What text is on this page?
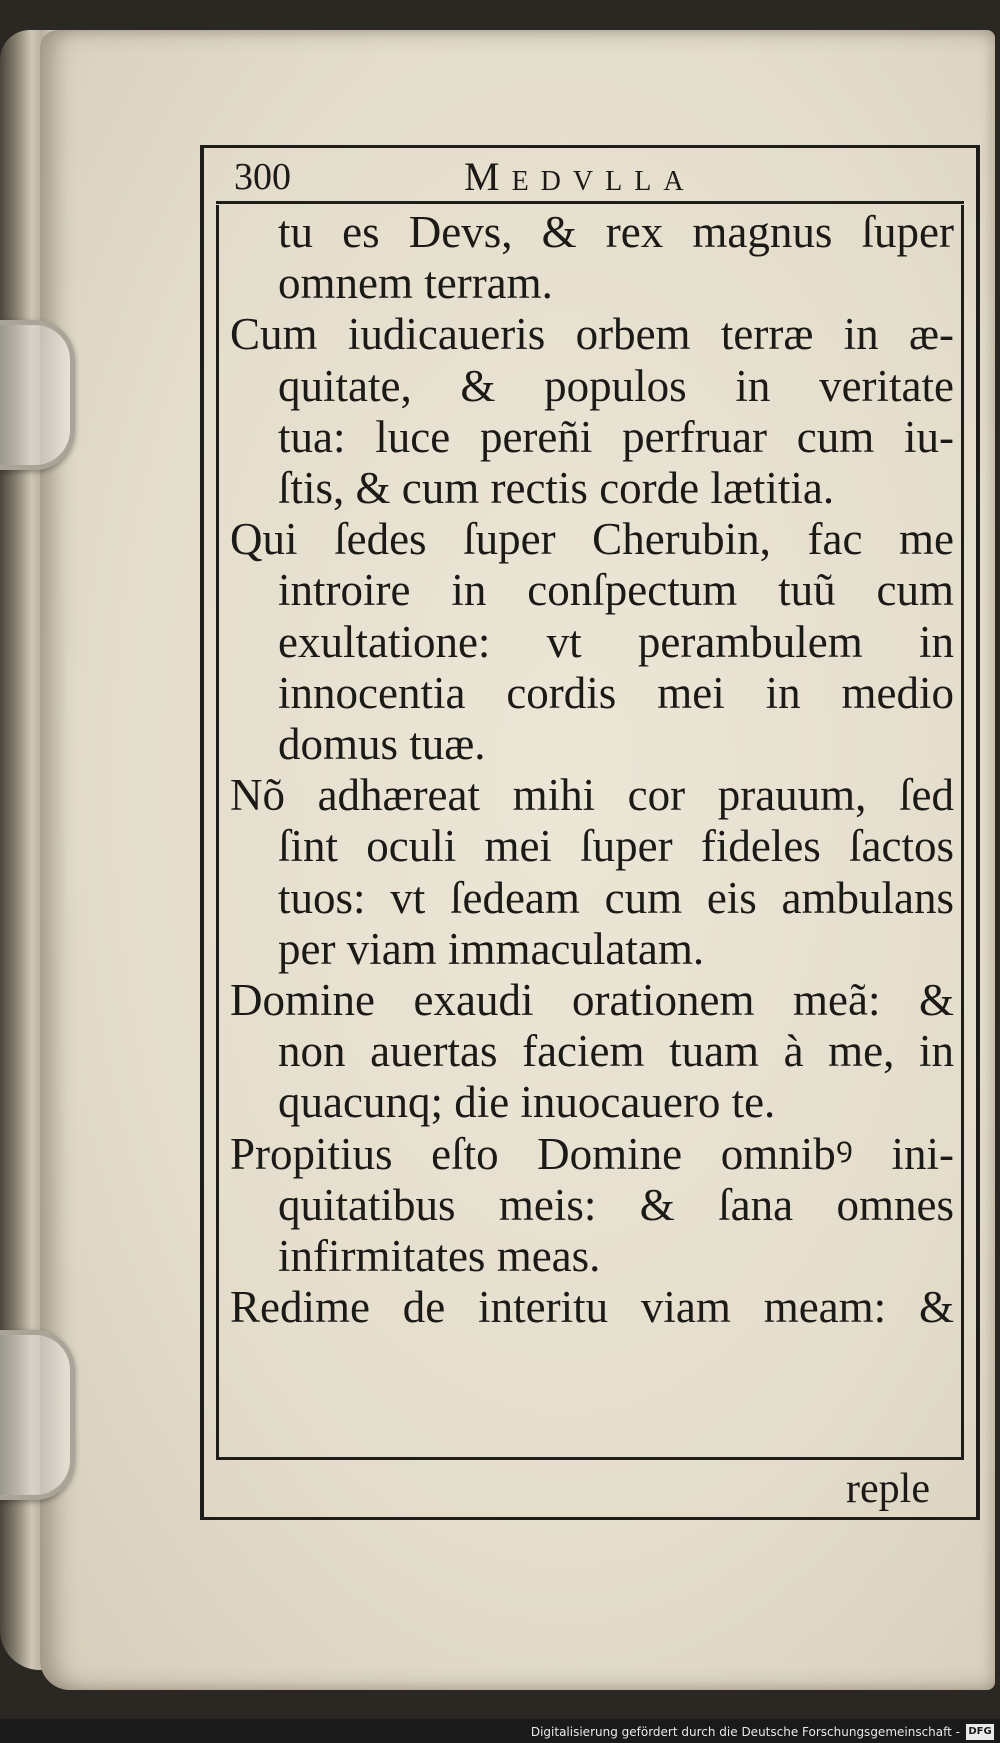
300	Medvlla
tu es Devs, & rex magnus ſuper
omnem terram.
Cum iudicaueris orbem terræ in æ-
quitate, & populos in veritate
tua: luce pereñi perfruar cum iu-
ſtis, & cum rectis corde lætitia.
Qui ſedes ſuper Cherubin, fac me
introire in conſpectum tuũ cum
exultatione: vt perambulem in
innocentia cordis mei in medio
domus tuæ.
Nõ adhæreat mihi cor prauum, ſed
ſint oculi mei ſuper fideles ſactos
tuos: vt ſedeam cum eis ambulans
per viam immaculatam.
Domine exaudi orationem meã: &
non auertas faciem tuam à me, in
quacunq; die inuocauero te.
Propitius eſto Domine omnibꝰ ini-
quitatibus meis: & ſana omnes
infirmitates meas.
Redime de interitu viam meam: &
reple
Digitalisierung gefördert durch die Deutsche Forschungsgemeinschaft - DFG
